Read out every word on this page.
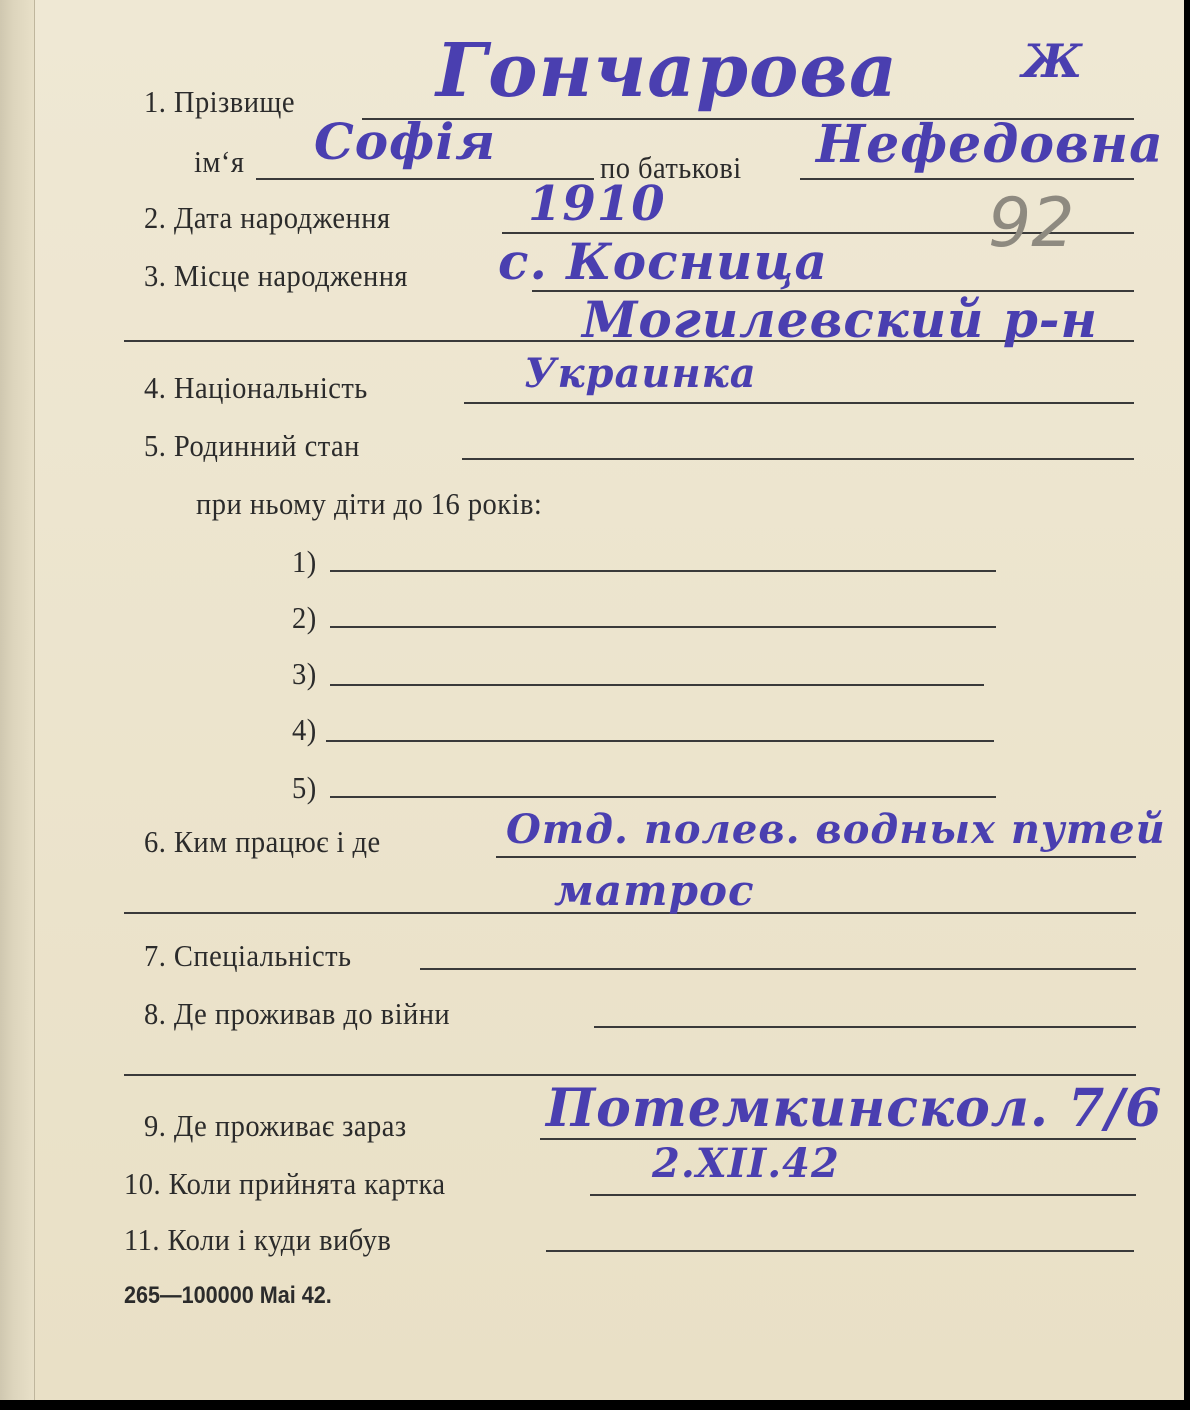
1. Прізвище Гончарова	Ж
ім‘я Софія	по батькові Нефедовна
2. Дата народження	1910	92
3. Місце народження с. Косница
Могилевский р-н
4. Національність	Украинка
5. Родинний стан
при ньому діти до 16 років:
1)
2)
3)
4)
5)
6. Ким працює і де	Отд. полев. водных путей
матрос
7. Спеціальність
8. Де проживав до війни
9. Де проживає зараз	Потемкинскол. 7/6
10. Коли прийнята картка	2.XII.42
11. Коли і куди вибув
265—100000 Mai 42.
